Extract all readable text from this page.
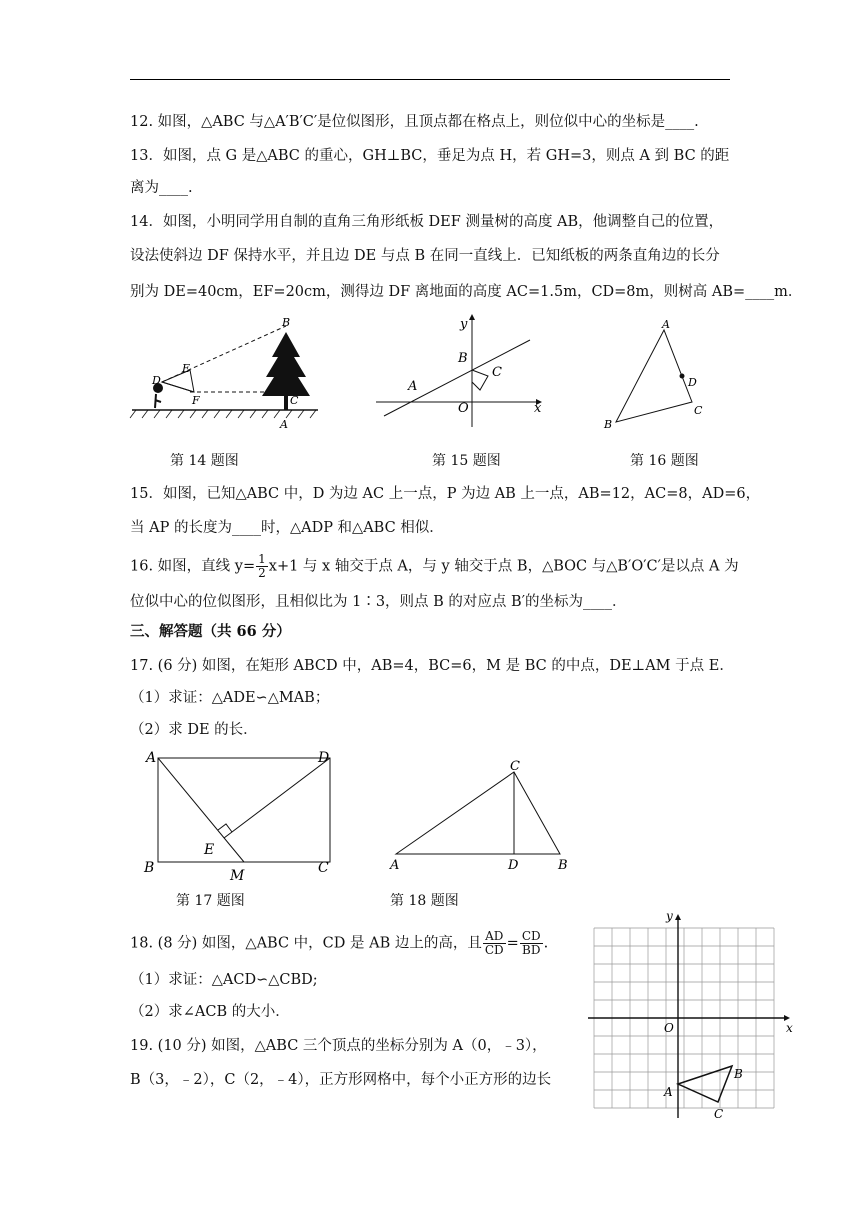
12. 如图，△ABC 与△A′B′C′是位似图形，且顶点都在格点上，则位似中心的坐标是____.
13．如图，点 G 是△ABC 的重心，GH⊥BC，垂足为点 H，若 GH=3，则点 A 到 BC 的距
离为____.
14．如图，小明同学用自制的直角三角形纸板 DEF 测量树的高度 AB，他调整自己的位置，
设法使斜边 DF 保持水平，并且边 DE 与点 B 在同一直线上．已知纸板的两条直角边的长分
别为 DE=40cm，EF=20cm，测得边 DF 离地面的高度 AC=1.5m，CD=8m，则树高 AB=____m．
D
E
F
B
C
A
y
x
B
C
A
O
A
B
C
D
第 14 题图	第 15 题图	第 16 题图
15．如图，已知△ABC 中，D 为边 AC 上一点，P 为边 AB 上一点，AB=12，AC=8，AD=6，
当 AP 的长度为____时，△ADP 和△ABC 相似．
16. 如图，直线 $y= \frac{1}{2} x+1$ 与 x 轴交于点 A，与 y 轴交于点 B，△BOC 与△B′O′C′是以点 A 为
位似中心的位似图形，且相似比为 1∶3，则点 B 的对应点 B′的坐标为____．
三、解答题（共 66 分）
17. (6 分) 如图，在矩形 ABCD 中，AB=4，BC=6，M 是 BC 的中点，DE⊥AM 于点 E．
（1）求证：△ADE∽△MAB；
（2）求 DE 的长．
A	D
B	C
E
M
C
A	D	B
第 17 题图	第 18 题图
18. (8 分) 如图，△ABC 中，CD 是 AB 边上的高，且 $\frac{AD}{CD} = \frac{CD}{BD}$ .
（1）求证：△ACD∽△CBD;
（2）求∠ACB 的大小．
19. (10 分) 如图，△ABC 三个顶点的坐标分别为 A（0，﹣3），
B（3，﹣2），C（2，﹣4），正方形网格中，每个小正方形的边长
y
x
O
A
B
C
